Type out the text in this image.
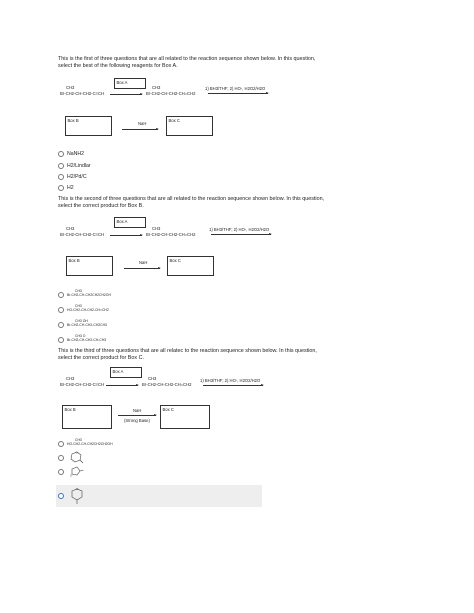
This is the first of three questions that are all related to the reaction sequence shown below. In this question, select the best of the following reagents for Box A.
Box A
CH3
Br-CH2-CH-CH2-C≡CH
CH3
Br-CH2-CH-CH2-CH=CH2
1) BH3/THF; 2) HO-, H2O2/H2O
Box B
NaH
Box C
NaNH2
H2/Lindlar
H2/Pd/C
H2
This is the second of three questions that are all related to the reaction sequence shown below. In this question, select the correct product for Box B.
Box A
CH3
Br-CH2-CH-CH2-C≡CH
CH3
Br-CH2-CH-CH2-CH=CH2
1) BH3/THF; 2) HO-, H2O2/H2O
Box B	NaH	Box C
CH3
Br-CH2-CH-CH2CH2CH2OH
CH3
HO-CH2-CH-CH2-CH=CH2
CH3 OH
Br-CH2-CH-CH2-CH2CH3
CH3 O
Br-CH2-CH-CH2-CH-CH3
This is the third of three questions that are all relatec to the reaction sequence shown below. In this question, select the correct product for Box C.
Box A
CH3
Br-CH2-CH-CH2-C≡CH
CH3
Br-CH2-CH-CH2-CH=CH2
1) BH3/THF; 2) HO-, H2O2/H2O
Box B	NaH
(Strong Base)
Box C
CH3
HO-CH2-CH-CH2CH2CH2OH
O
O
O
